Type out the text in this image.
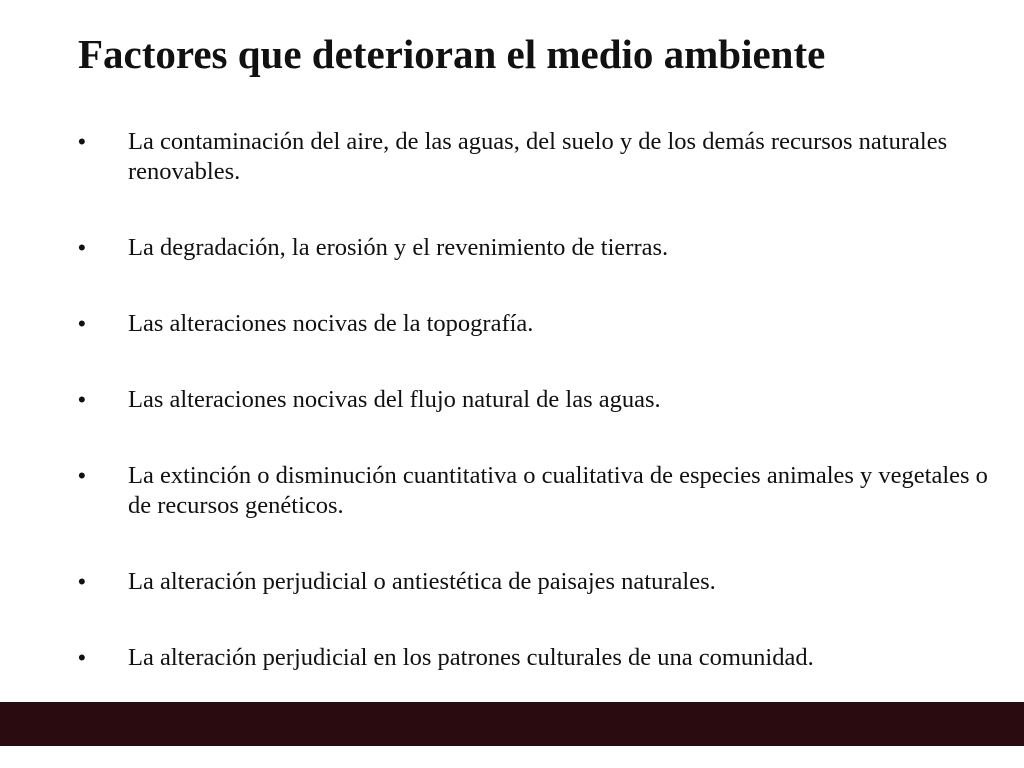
Factores que deterioran el medio ambiente
•	La contaminación del aire, de las aguas, del suelo y de los demás recursos naturales renovables.
•	La degradación, la erosión y el revenimiento de tierras.
•	Las alteraciones nocivas de la topografía.
•	Las alteraciones nocivas del flujo natural de las aguas.
•	La extinción o disminución cuantitativa o cualitativa de especies animales y vegetales o de recursos genéticos.
•	La alteración perjudicial o antiestética de paisajes naturales.
•	La alteración perjudicial en los patrones culturales de una comunidad.
